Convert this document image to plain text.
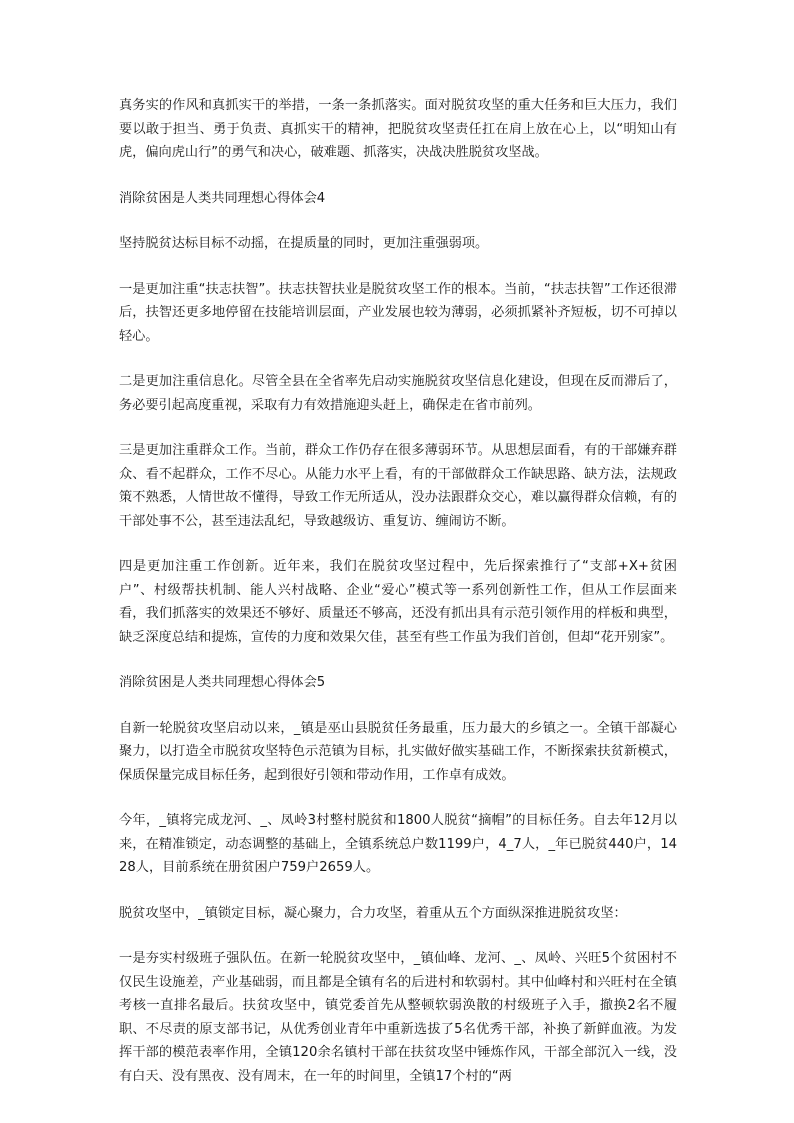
真务实的作风和真抓实干的举措，一条一条抓落实。面对脱贫攻坚的重大任务和巨大压力，我们要以敢于担当、勇于负责、真抓实干的精神，把脱贫攻坚责任扛在肩上放在心上，以“明知山有虎，偏向虎山行”的勇气和决心，破难题、抓落实，决战决胜脱贫攻坚战。

消除贫困是人类共同理想心得体会4

坚持脱贫达标目标不动摇，在提质量的同时，更加注重强弱项。

一是更加注重“扶志扶智”。扶志扶智扶业是脱贫攻坚工作的根本。当前，“扶志扶智”工作还很滞后，扶智还更多地停留在技能培训层面，产业发展也较为薄弱，必须抓紧补齐短板，切不可掉以轻心。

二是更加注重信息化。尽管全县在全省率先启动实施脱贫攻坚信息化建设，但现在反而滞后了，务必要引起高度重视，采取有力有效措施迎头赶上，确保走在省市前列。

三是更加注重群众工作。当前，群众工作仍存在很多薄弱环节。从思想层面看，有的干部嫌弃群众、看不起群众，工作不尽心。从能力水平上看，有的干部做群众工作缺思路、缺方法，法规政策不熟悉，人情世故不懂得，导致工作无所适从，没办法跟群众交心，难以赢得群众信赖，有的干部处事不公，甚至违法乱纪，导致越级访、重复访、缠闹访不断。

四是更加注重工作创新。近年来，我们在脱贫攻坚过程中，先后探索推行了“支部+X+贫困户”、村级帮扶机制、能人兴村战略、企业“爱心”模式等一系列创新性工作，但从工作层面来看，我们抓落实的效果还不够好、质量还不够高，还没有抓出具有示范引领作用的样板和典型，缺乏深度总结和提炼，宣传的力度和效果欠佳，甚至有些工作虽为我们首创，但却“花开别家”。

消除贫困是人类共同理想心得体会5

自新一轮脱贫攻坚启动以来，_镇是巫山县脱贫任务最重，压力最大的乡镇之一。全镇干部凝心聚力，以打造全市脱贫攻坚特色示范镇为目标，扎实做好做实基础工作，不断探索扶贫新模式，保质保量完成目标任务，起到很好引领和带动作用，工作卓有成效。

今年，_镇将完成龙河、_、凤岭3村整村脱贫和1800人脱贫“摘帽”的目标任务。自去年12月以来，在精准锁定，动态调整的基础上，全镇系统总户数1199户，4_7人，_年已脱贫440户，1428人，目前系统在册贫困户759户2659人。

脱贫攻坚中，_镇锁定目标，凝心聚力，合力攻坚，着重从五个方面纵深推进脱贫攻坚：

一是夯实村级班子强队伍。在新一轮脱贫攻坚中，_镇仙峰、龙河、_、凤岭、兴旺5个贫困村不仅民生设施差，产业基础弱，而且都是全镇有名的后进村和软弱村。其中仙峰村和兴旺村在全镇考核一直排名最后。扶贫攻坚中，镇党委首先从整顿软弱涣散的村级班子入手，撤换2名不履职、不尽责的原支部书记，从优秀创业青年中重新选拔了5名优秀干部，补换了新鲜血液。为发挥干部的模范表率作用，全镇120余名镇村干部在扶贫攻坚中锤炼作风，干部全部沉入一线，没有白天、没有黑夜、没有周末，在一年的时间里，全镇17个村的“两
